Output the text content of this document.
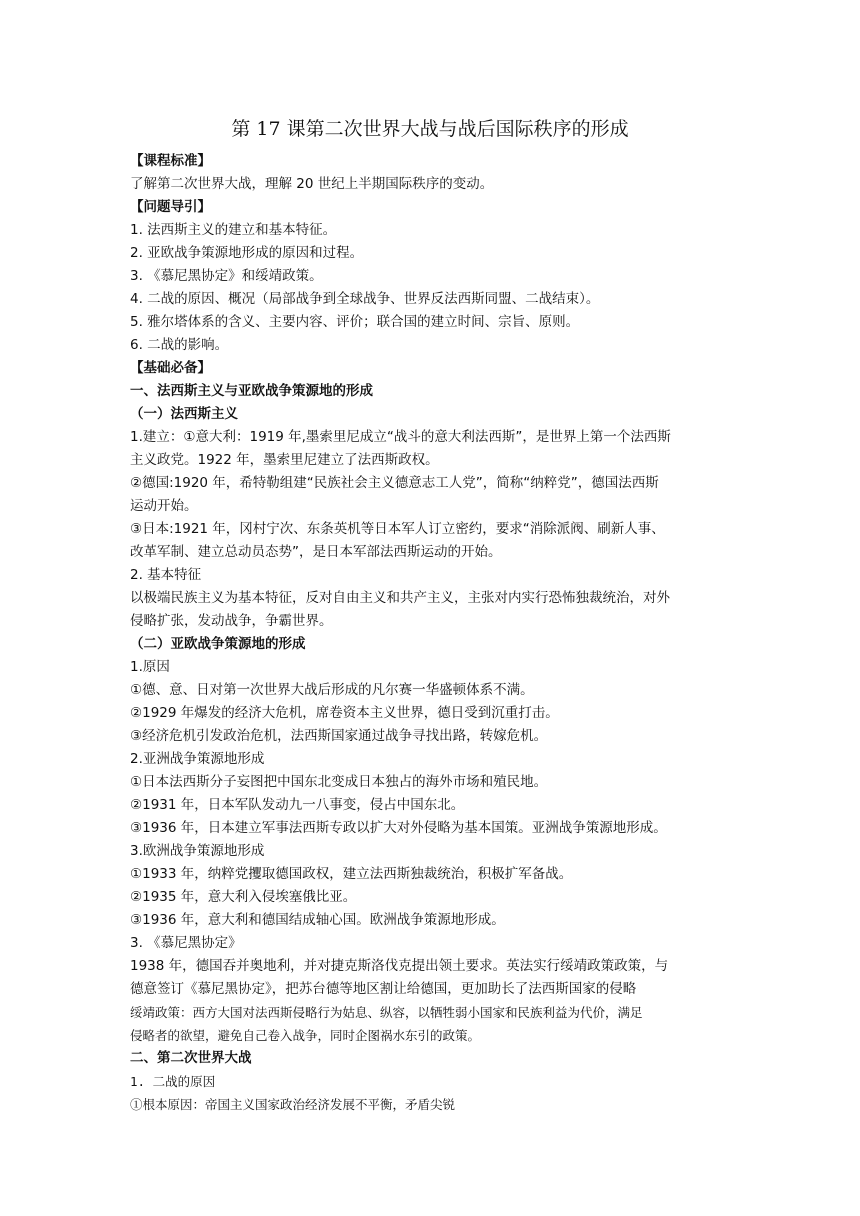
第 17 课第二次世界大战与战后国际秩序的形成
【课程标准】
了解第二次世界大战，理解 20 世纪上半期国际秩序的变动。
【问题导引】
1. 法西斯主义的建立和基本特征。
2. 亚欧战争策源地形成的原因和过程。
3. 《慕尼黑协定》和绥靖政策。
4. 二战的原因、概况（局部战争到全球战争、世界反法西斯同盟、二战结束）。
5. 雅尔塔体系的含义、主要内容、评价；联合国的建立时间、宗旨、原则。
6. 二战的影响。
【基础必备】
一、法西斯主义与亚欧战争策源地的形成
（一）法西斯主义
1.建立：①意大利：1919 年,墨索里尼成立“战斗的意大利法西斯”，是世界上第一个法西斯
主义政党。1922 年，墨索里尼建立了法西斯政权。
②德国:1920 年，希特勒组建“民族社会主义德意志工人党”，简称“纳粹党”，德国法西斯
运动开始。
③日本:1921 年，冈村宁次、东条英机等日本军人订立密约，要求“消除派阀、刷新人事、
改革军制、建立总动员态势”，是日本军部法西斯运动的开始。
2. 基本特征
以极端民族主义为基本特征，反对自由主义和共产主义，主张对内实行恐怖独裁统治，对外
侵略扩张，发动战争，争霸世界。
（二）亚欧战争策源地的形成
1.原因
①德、意、日对第一次世界大战后形成的凡尔赛一华盛顿体系不满。
②1929 年爆发的经济大危机，席卷资本主义世界，德日受到沉重打击。
③经济危机引发政治危机，法西斯国家通过战争寻找出路，转嫁危机。
2.亚洲战争策源地形成
①日本法西斯分子妄图把中国东北变成日本独占的海外市场和殖民地。
②1931 年，日本军队发动九一八事变，侵占中国东北。
③1936 年，日本建立军事法西斯专政以扩大对外侵略为基本国策。亚洲战争策源地形成。
3.欧洲战争策源地形成
①1933 年，纳粹党攫取德国政权，建立法西斯独裁统治，积极扩军备战。
②1935 年，意大利入侵埃塞俄比亚。
③1936 年，意大利和德国结成轴心国。欧洲战争策源地形成。
3. 《慕尼黑协定》
1938 年，德国吞并奥地利，并对捷克斯洛伐克提出领土要求。英法实行绥靖政策政策，与
德意签订《慕尼黑协定》，把苏台德等地区割让给德国，更加助长了法西斯国家的侵略
绥靖政策：西方大国对法西斯侵略行为姑息、纵容，以牺牲弱小国家和民族利益为代价，满足
侵略者的欲望，避免自己卷入战争，同时企图祸水东引的政策。
二、第二次世界大战
1. 二战的原因
①根本原因：帝国主义国家政治经济发展不平衡，矛盾尖锐
